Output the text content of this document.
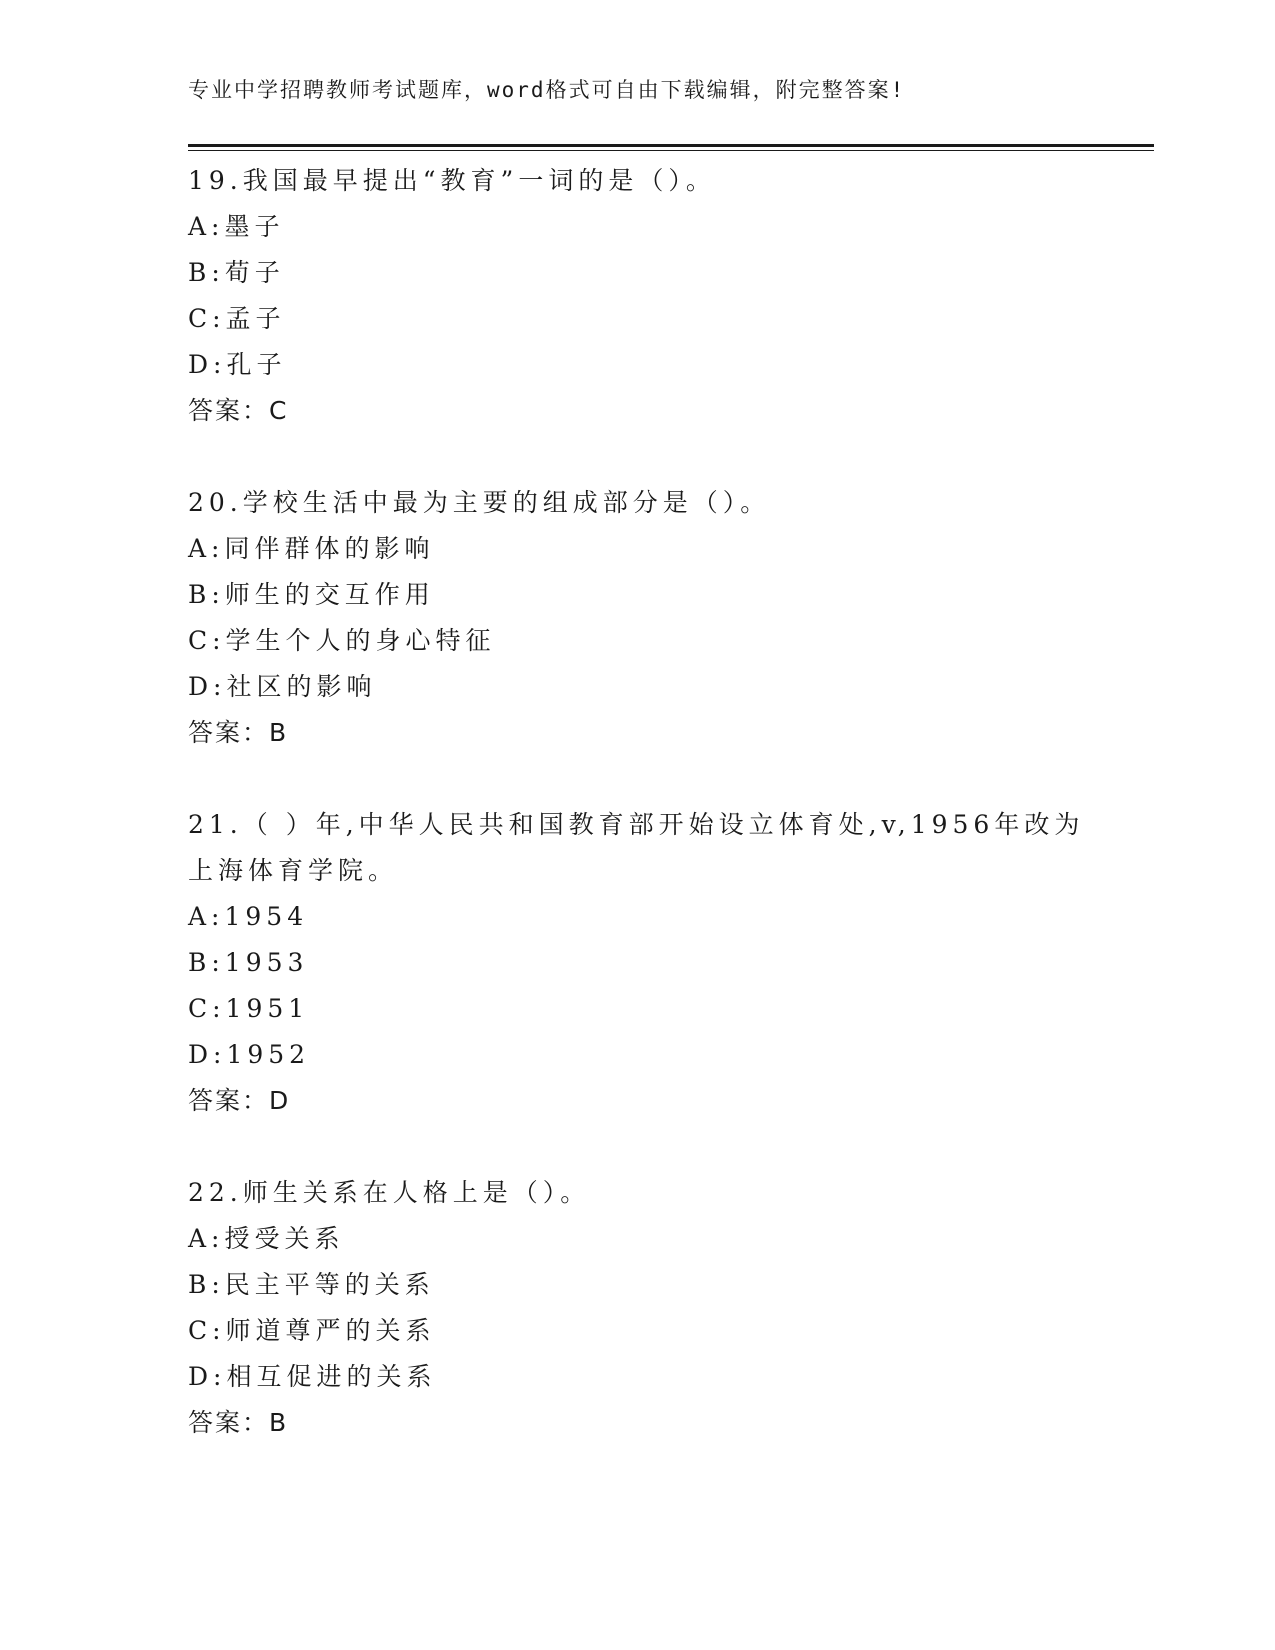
专业中学招聘教师考试题库，word格式可自由下载编辑，附完整答案!
19.我国最早提出“教育”一词的是（）。
A:墨子
B:荀子
C:孟子
D:孔子
答案：C
20.学校生活中最为主要的组成部分是（）。
A:同伴群体的影响
B:师生的交互作用
C:学生个人的身心特征
D:社区的影响
答案：B
21.（ ）年,中华人民共和国教育部开始设立体育处,v,1956年改为上海体育学院。
A:1954
B:1953
C:1951
D:1952
答案：D
22.师生关系在人格上是（）。
A:授受关系
B:民主平等的关系
C:师道尊严的关系
D:相互促进的关系
答案：B
